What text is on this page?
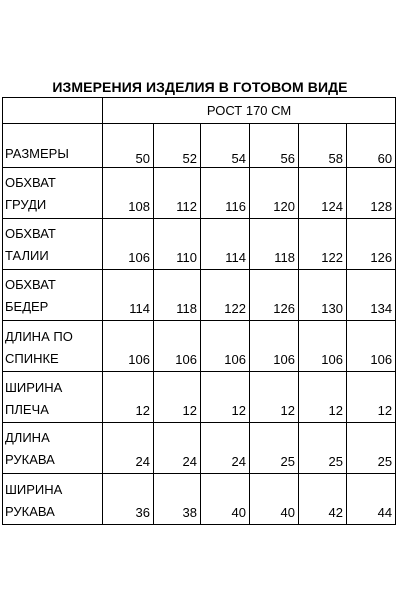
ИЗМЕРЕНИЯ ИЗДЕЛИЯ В ГОТОВОМ ВИДЕ
	РОСТ 170 СМ					
РАЗМЕРЫ	50	52	54	56	58	60
ОБХВАТ ГРУДИ	108	112	116	120	124	128
ОБХВАТ ТАЛИИ	106	110	114	118	122	126
ОБХВАТ БЕДЕР	114	118	122	126	130	134
ДЛИНА ПО
СПИНКЕ	106	106	106	106	106	106
ШИРИНА
ПЛЕЧА	12	12	12	12	12	12
ДЛИНА РУКАВА	24	24	24	25	25	25
ШИРИНА
РУКАВА	36	38	40	40	42	44
